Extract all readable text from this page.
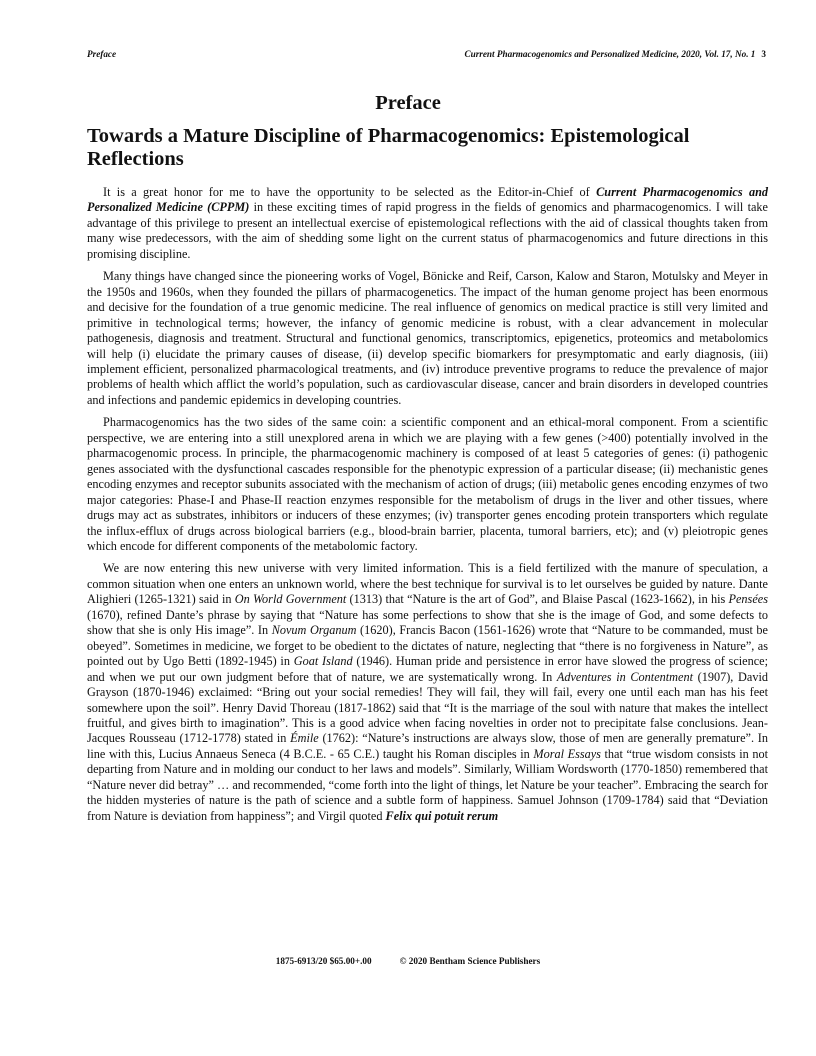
Preface	Current Pharmacogenomics and Personalized Medicine, 2020, Vol. 17, No. 1 3
Preface
Towards a Mature Discipline of Pharmacogenomics: Epistemological Reflections

It is a great honor for me to have the opportunity to be selected as the Editor-in-Chief of Current Pharmacogenomics and Personalized Medicine (CPPM) in these exciting times of rapid progress in the fields of genomics and pharmacogenomics. I will take advantage of this privilege to present an intellectual exercise of epistemological reflections with the aid of classical thoughts taken from many wise predecessors, with the aim of shedding some light on the current status of pharmacogenomics and future directions in this promising discipline.

Many things have changed since the pioneering works of Vogel, Bönicke and Reif, Carson, Kalow and Staron, Motulsky and Meyer in the 1950s and 1960s, when they founded the pillars of pharmacogenetics. The impact of the human genome project has been enormous and decisive for the foundation of a true genomic medicine. The real influence of genomics on medical practice is still very limited and primitive in technological terms; however, the infancy of genomic medicine is robust, with a clear advancement in molecular pathogenesis, diagnosis and treatment. Structural and functional genomics, transcriptomics, epigenetics, proteomics and metabolomics will help (i) elucidate the primary causes of disease, (ii) develop specific biomarkers for presymptomatic and early diagnosis, (iii) implement efficient, personalized pharmacological treatments, and (iv) introduce preventive programs to reduce the prevalence of major problems of health which afflict the world’s population, such as cardiovascular disease, cancer and brain disorders in developed countries and infections and pandemic epidemics in developing countries.

Pharmacogenomics has the two sides of the same coin: a scientific component and an ethical-moral component. From a scientific perspective, we are entering into a still unexplored arena in which we are playing with a few genes (>400) potentially involved in the pharmacogenomic process. In principle, the pharmacogenomic machinery is composed of at least 5 categories of genes: (i) pathogenic genes associated with the dysfunctional cascades responsible for the phenotypic expression of a particular disease; (ii) mechanistic genes encoding enzymes and receptor subunits associated with the mechanism of action of drugs; (iii) metabolic genes encoding enzymes of two major categories: Phase-I and Phase-II reaction enzymes responsible for the metabolism of drugs in the liver and other tissues, where drugs may act as substrates, inhibitors or inducers of these enzymes; (iv) transporter genes encoding protein transporters which regulate the influx-efflux of drugs across biological barriers (e.g., blood-brain barrier, placenta, tumoral barriers, etc); and (v) pleiotropic genes which encode for different components of the metabolomic factory.

We are now entering this new universe with very limited information. This is a field fertilized with the manure of speculation, a common situation when one enters an unknown world, where the best technique for survival is to let ourselves be guided by nature. Dante Alighieri (1265-1321) said in On World Government (1313) that “Nature is the art of God”, and Blaise Pascal (1623-1662), in his Pensées (1670), refined Dante’s phrase by saying that “Nature has some perfections to show that she is the image of God, and some defects to show that she is only His image”. In Novum Organum (1620), Francis Bacon (1561-1626) wrote that “Nature to be commanded, must be obeyed”. Sometimes in medicine, we forget to be obedient to the dictates of nature, neglecting that “there is no forgiveness in Nature”, as pointed out by Ugo Betti (1892-1945) in Goat Island (1946). Human pride and persistence in error have slowed the progress of science; and when we put our own judgment before that of nature, we are systematically wrong. In Adventures in Contentment (1907), David Grayson (1870-1946) exclaimed: “Bring out your social remedies! They will fail, they will fail, every one until each man has his feet somewhere upon the soil”. Henry David Thoreau (1817-1862) said that “It is the marriage of the soul with nature that makes the intellect fruitful, and gives birth to imagination”. This is a good advice when facing novelties in order not to precipitate false conclusions. Jean-Jacques Rousseau (1712-1778) stated in Émile (1762): “Nature’s instructions are always slow, those of men are generally premature”. In line with this, Lucius Annaeus Seneca (4 B.C.E. - 65 C.E.) taught his Roman disciples in Moral Essays that “true wisdom consists in not departing from Nature and in molding our conduct to her laws and models”. Similarly, William Wordsworth (1770-1850) remembered that “Nature never did betray” … and recommended, “come forth into the light of things, let Nature be your teacher”. Embracing the search for the hidden mysteries of nature is the path of science and a subtle form of happiness. Samuel Johnson (1709-1784) said that “Deviation from Nature is deviation from happiness”; and Virgil quoted Felix qui potuit rerum

1875-6913/20 $65.00+.00	© 2020 Bentham Science Publishers
